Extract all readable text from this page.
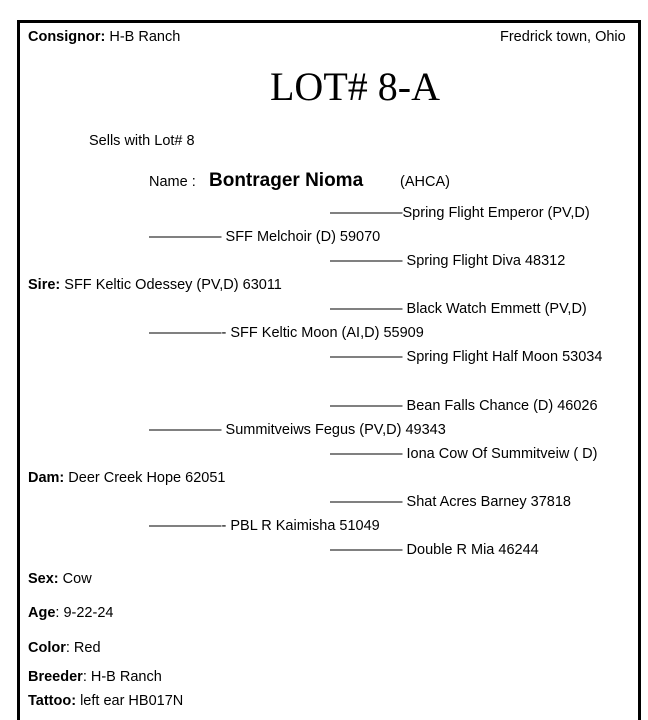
Consignor: H-B Ranch	Fredrick town, Ohio
LOT# 8-A
Sells with Lot# 8
Name : Bontrager Nioma	(AHCA)
—————Spring Flight Emperor (PV,D)
————— SFF Melchoir (D) 59070
————— Spring Flight Diva 48312
Sire: SFF Keltic Odessey (PV,D) 63011
————— Black Watch Emmett (PV,D)
—————- SFF Keltic Moon (AI,D) 55909
————— Spring Flight Half Moon 53034
————— Bean Falls Chance (D) 46026
————— Summitveiws Fegus (PV,D) 49343
————— Iona Cow Of Summitveiw ( D)
Dam: Deer Creek Hope 62051
————— Shat Acres Barney 37818
—————- PBL R Kaimisha 51049
————— Double R Mia 46244
Sex: Cow
Age: 9-22-24
Color: Red
Breeder: H-B Ranch
Tattoo: left ear HB017N
